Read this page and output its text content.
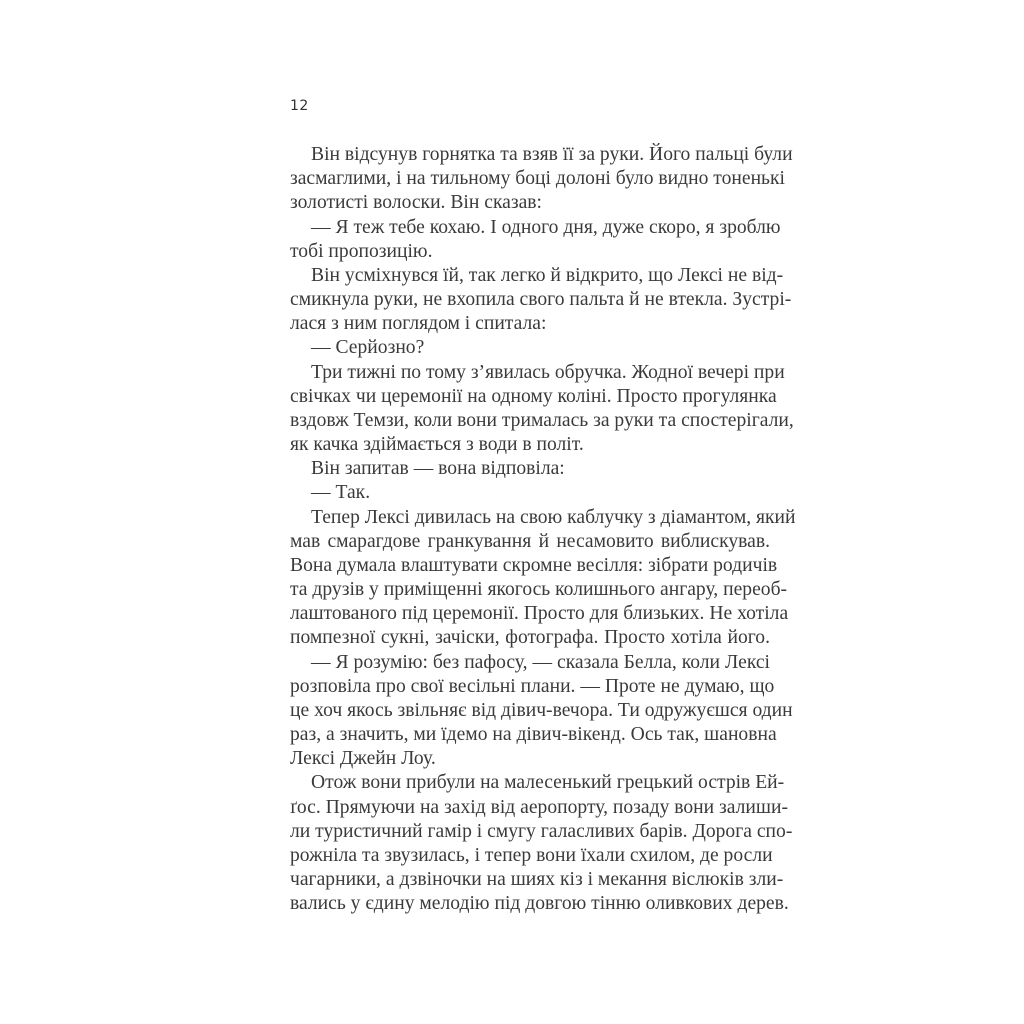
12
Він відсунув горнятка та взяв її за руки. Його пальці були
засмаглими, і на тильному боці долоні було видно тоненькі
золотисті волоски. Він сказав:
— Я теж тебе кохаю. І одного дня, дуже скоро, я зроблю
тобі пропозицію.
Він усміхнувся їй, так легко й відкрито, що Лексі не від-
смикнула руки, не вхопила свого пальта й не втекла. Зустрі-
лася з ним поглядом і спитала:
— Серйозно?
Три тижні по тому з’явилась обручка. Жодної вечері при
свічках чи церемонії на одному коліні. Просто прогулянка
вздовж Темзи, коли вони трималась за руки та спостерігали,
як качка здіймається з води в політ.
Він запитав — вона відповіла:
— Так.
Тепер Лексі дивилась на свою каблучку з діамантом, який
мав смарагдове гранкування й несамовито виблискував.
Вона думала влаштувати скромне весілля: зібрати родичів
та друзів у приміщенні якогось колишнього ангару, переоб-
лаштованого під церемонії. Просто для близьких. Не хотіла
помпезної сукні, зачіски, фотографа. Просто хотіла його.
— Я розумію: без пафосу, — сказала Белла, коли Лексі
розповіла про свої весільні плани. — Проте не думаю, що
це хоч якось звільняє від дівич-вечора. Ти одружуєшся один
раз, а значить, ми їдемо на дівич-вікенд. Ось так, шановна
Лексі Джейн Лоу.
Отож вони прибули на малесенький грецький острів Ей-
ґос. Прямуючи на захід від аеропорту, позаду вони залиши-
ли туристичний гамір і смугу галасливих барів. Дорога спо-
рожніла та звузилась, і тепер вони їхали схилом, де росли
чагарники, а дзвіночки на шиях кіз і мекання віслюків зли-
вались у єдину мелодію під довгою тінню оливкових дерев.
